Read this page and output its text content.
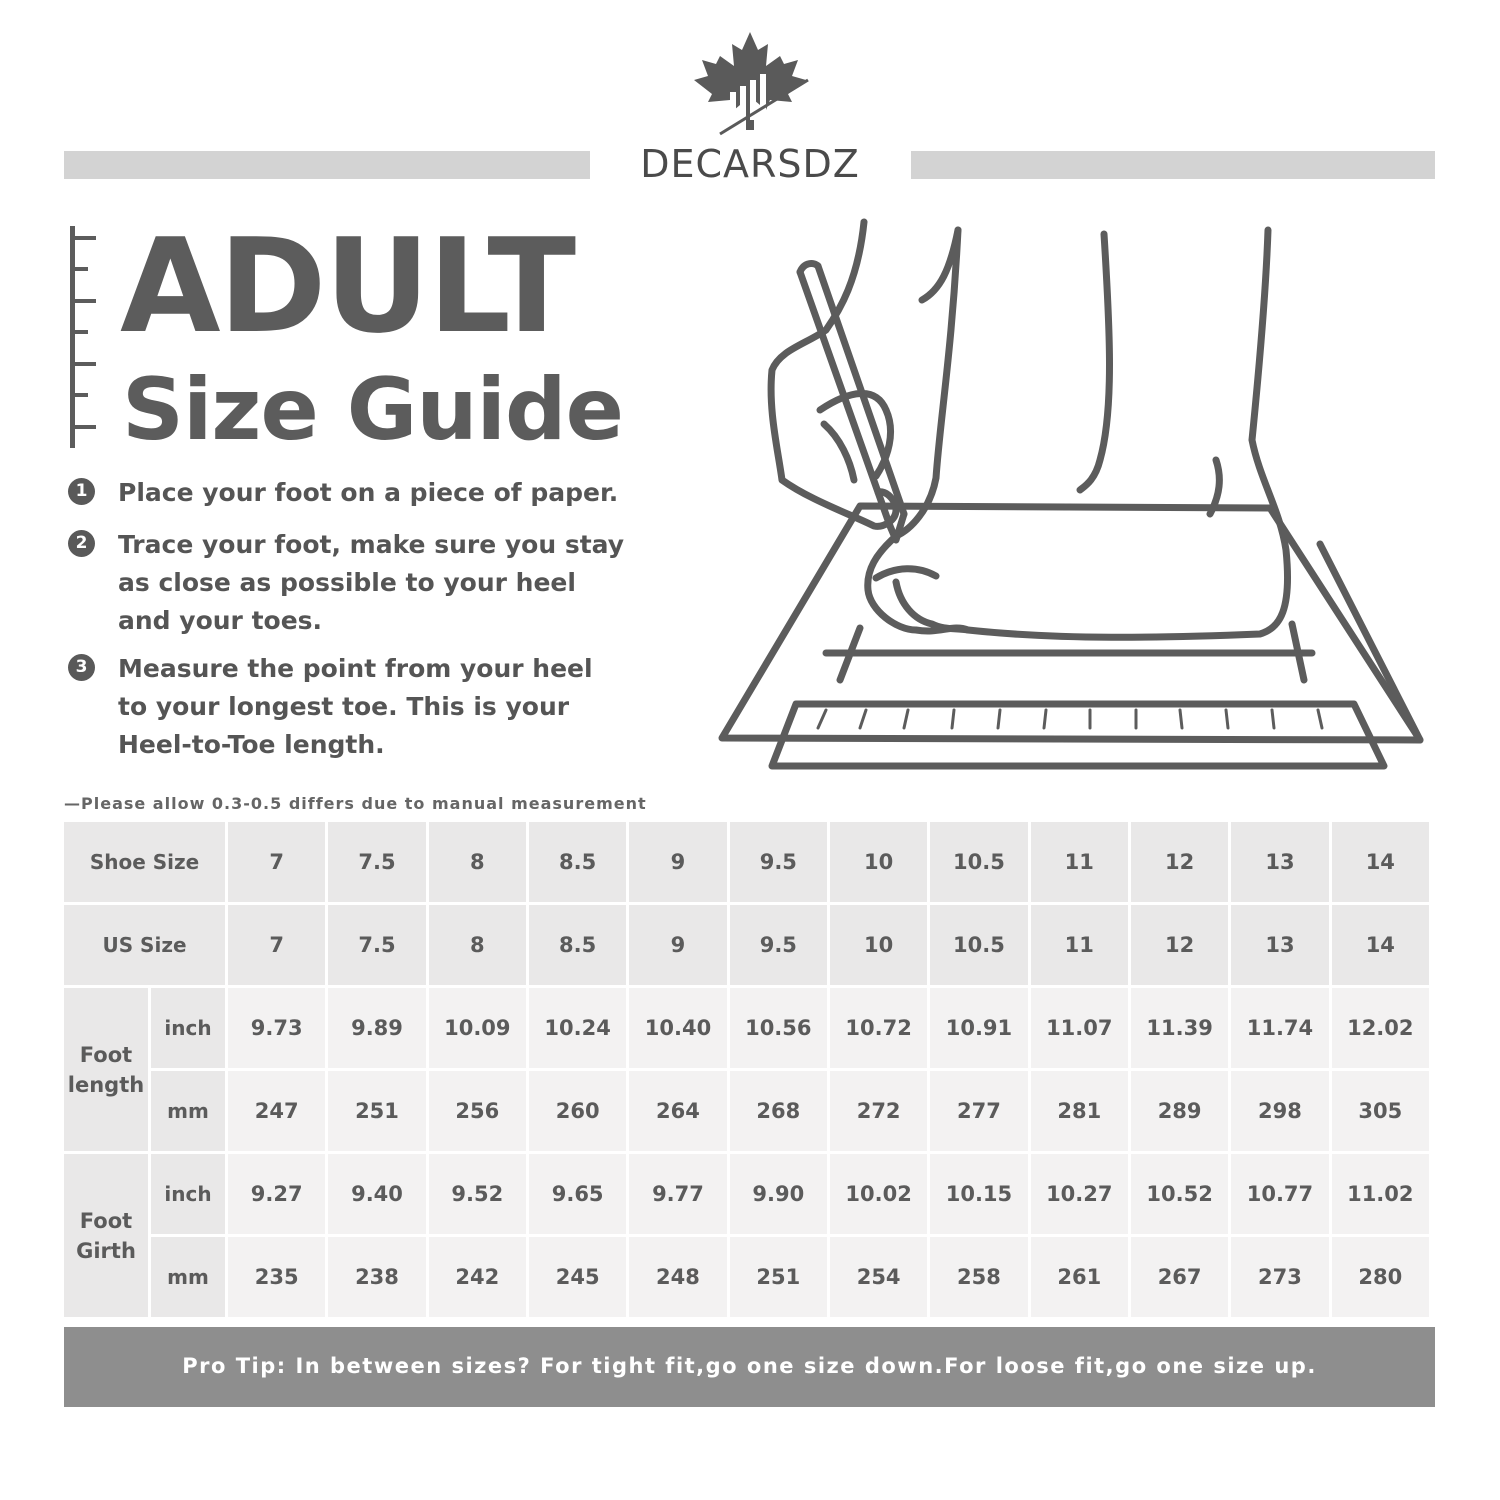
DECARSDZ
ADULT
Size Guide
1	Place your foot on a piece of paper.
2	Trace your foot, make sure you stay as close as possible to your heel and your toes.
3	Measure the point from your heel to your longest toe. This is your Heel-to-Toe length.
—Please allow 0.3-0.5 differs due to manual measurement
Shoe Size		7	7.5	8	8.5	9	9.5	10	10.5	11	12	13	14
US Size		7	7.5	8	8.5	9	9.5	10	10.5	11	12	13	14
Foot length	inch	9.73	9.89	10.09	10.24	10.40	10.56	10.72	10.91	11.07	11.39	11.74	12.02
	mm	247	251	256	260	264	268	272	277	281	289	298	305
Foot Girth	inch	9.27	9.40	9.52	9.65	9.77	9.90	10.02	10.15	10.27	10.52	10.77	11.02
	mm	235	238	242	245	248	251	254	258	261	267	273	280
Pro Tip: In between sizes? For tight fit,go one size down.For loose fit,go one size up.
